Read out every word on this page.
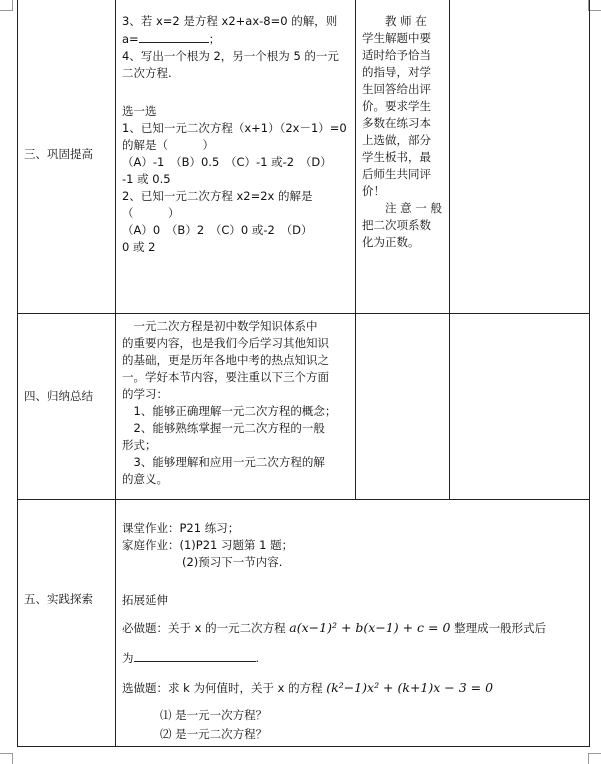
三、巩固提高
四、归纳总结
五、实践探索

3、若 x=2 是方程 x2+ax-8=0 的解，则

a=	；

4、写出一个根为 2，另一个根为 5 的一元

二次方程.

选一选

1、已知一元二次方程（x+1）（2x－1）=0

的解是（　　　）

（A）-1　（B）0.5　（C）-1 或-2　（D）

-1 或 0.5

2、已知一元二次方程 x2=2x 的解是

（　　　）

（A）0　（B）2　（C）0 或-2　（D）

0 或 2

　　教 师 在

学生解题中要

适时给予恰当

的指导，对学

生回答给出评

价。要求学生

多数在练习本

上选做，部分

学生板书，最

后师生共同评

价！

　　注 意 一 般

把二次项系数

化为正数。

　一元二次方程是初中数学知识体系中

的重要内容，也是我们今后学习其他知识

的基础，更是历年各地中考的热点知识之

一。学好本节内容，要注重以下三个方面

的学习：

　1、能够正确理解一元二次方程的概念；

　2、能够熟练掌握一元二次方程的一般

形式；

　3、能够理解和应用一元二次方程的解

的意义。

课堂作业：P21 练习；

家庭作业：(1)P21 习题第 1 题；

(2)预习下一节内容.

拓展延伸

必做题：关于 x 的一元二次方程 a(x−1)² + b(x−1) + c = 0 整理成一般形式后

为	.

选做题：求 k 为何值时，关于 x 的方程 (k²−1)x² + (k+1)x − 3 = 0

⑴ 是一元一次方程？

⑵ 是一元二次方程？
